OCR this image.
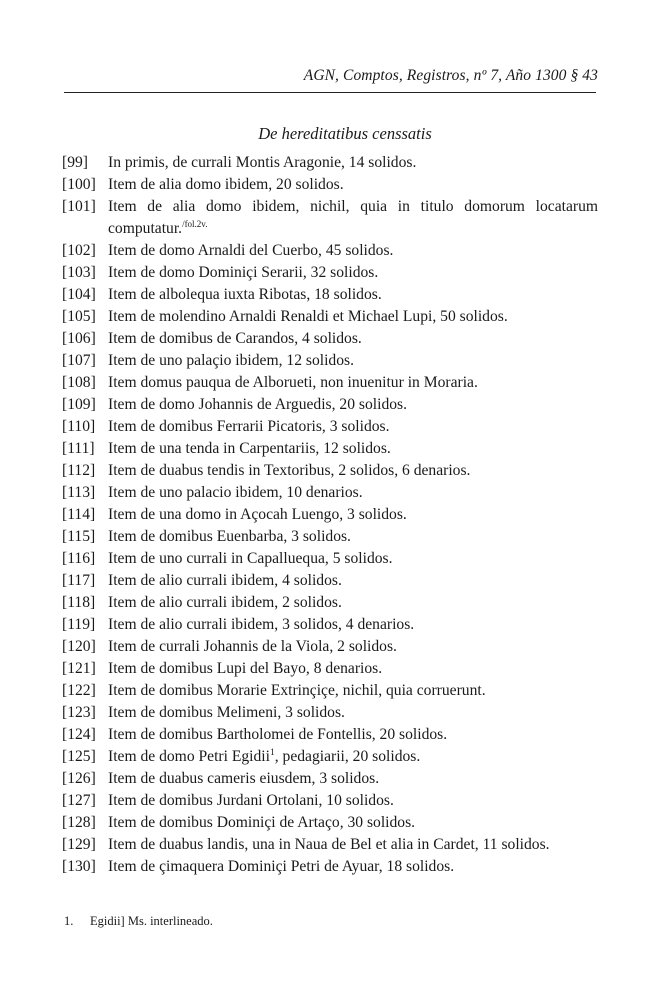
AGN, Comptos, Registros, nº 7, Año 1300 § 43
De hereditatibus censsatis
[99]	In primis, de currali Montis Aragonie, 14 solidos.
[100] Item de alia domo ibidem, 20 solidos.
[101] Item de alia domo ibidem, nichil, quia in titulo domorum locatarum computatur.$^{/fol.2v.}$
[102] Item de domo Arnaldi del Cuerbo, 45 solidos.
[103] Item de domo Dominiçi Serarii, 32 solidos.
[104] Item de albolequa iuxta Ribotas, 18 solidos.
[105] Item de molendino Arnaldi Renaldi et Michael Lupi, 50 solidos.
[106] Item de domibus de Carandos, 4 solidos.
[107] Item de uno palaçio ibidem, 12 solidos.
[108] Item domus pauqua de Alborueti, non inuenitur in Moraria.
[109] Item de domo Johannis de Arguedis, 20 solidos.
[110] Item de domibus Ferrarii Picatoris, 3 solidos.
[111] Item de una tenda in Carpentariis, 12 solidos.
[112] Item de duabus tendis in Textoribus, 2 solidos, 6 denarios.
[113] Item de uno palacio ibidem, 10 denarios.
[114] Item de una domo in Açocah Luengo, 3 solidos.
[115] Item de domibus Euenbarba, 3 solidos.
[116] Item de uno currali in Capalluequa, 5 solidos.
[117] Item de alio currali ibidem, 4 solidos.
[118] Item de alio currali ibidem, 2 solidos.
[119] Item de alio currali ibidem, 3 solidos, 4 denarios.
[120] Item de currali Johannis de la Viola, 2 solidos.
[121] Item de domibus Lupi del Bayo, 8 denarios.
[122] Item de domibus Morarie Extrinçiçe, nichil, quia corruerunt.
[123] Item de domibus Melimeni, 3 solidos.
[124] Item de domibus Bartholomei de Fontellis, 20 solidos.
[125] Item de domo Petri Egidii$^1$, pedagiarii, 20 solidos.
[126] Item de duabus cameris eiusdem, 3 solidos.
[127] Item de domibus Jurdani Ortolani, 10 solidos.
[128] Item de domibus Dominiçi de Artaço, 30 solidos.
[129] Item de duabus landis, una in Naua de Bel et alia in Cardet, 11 solidos.
[130] Item de çimaquera Dominiçi Petri de Ayuar, 18 solidos.
1. Egidii] Ms. interlineado.
